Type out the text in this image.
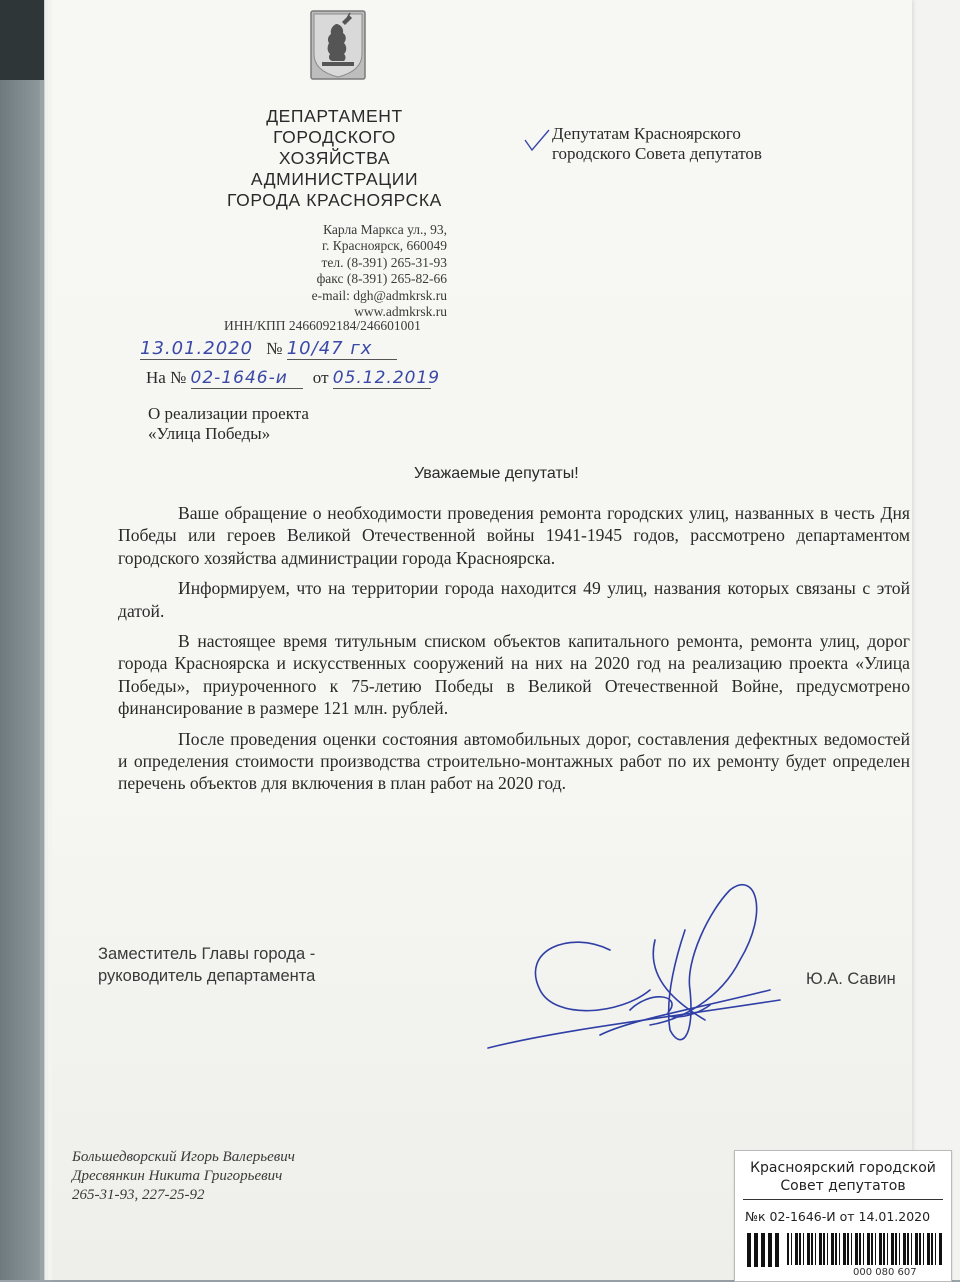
ДЕПАРТАМЕНТ
ГОРОДСКОГО
ХОЗЯЙСТВА
АДМИНИСТРАЦИИ
ГОРОДА КРАСНОЯРСКА
Карла Маркса ул., 93,
г. Красноярск, 660049
тел. (8-391) 265-31-93
факс (8-391) 265-82-66
e-mail: dgh@admkrsk.ru
www.admkrsk.ru
ИНН/КПП 2466092184/246601001
13.01.2020 № 10/47 гх
На № 02-1646-и от 05.12.2019
Депутатам Красноярского
городского Совета депутатов
О реализации проекта
«Улица Победы»
Уважаемые депутаты!

Ваше обращение о необходимости проведения ремонта городских улиц, названных в честь Дня Победы или героев Великой Отечественной войны 1941-1945 годов, рассмотрено департаментом городского хозяйства администрации города Красноярска.

Информируем, что на территории города находится 49 улиц, названия которых связаны с этой датой.

В настоящее время титульным списком объектов капитального ремонта, ремонта улиц, дорог города Красноярска и искусственных сооружений на них на 2020 год на реализацию проекта «Улица Победы», приуроченного к 75-летию Победы в Великой Отечественной Войне, предусмотрено финансирование в размере 121 млн. рублей.

После проведения оценки состояния автомобильных дорог, составления дефектных ведомостей и определения стоимости производства строительно-монтажных работ по их ремонту будет определен перечень объектов для включения в план работ на 2020 год.

Заместитель Главы города -
руководитель департамента	Ю.А. Савин
Большедворский Игорь Валерьевич
Дресвянкин Никита Григорьевич
265-31-93, 227-25-92
Красноярский городской
Совет депутатов
№к 02-1646-И от 14.01.2020
000 080 607
